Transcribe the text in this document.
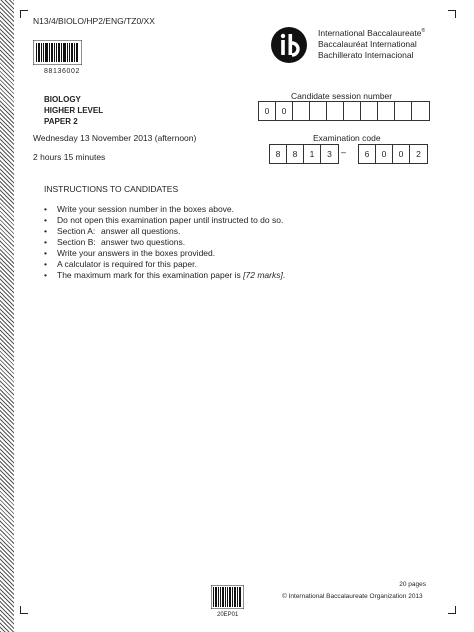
N13/4/BIOLO/HP2/ENG/TZ0/XX
88136002
International Baccalaureate®
Baccalauréat International
Bachillerato Internacional
BIOLOGY
HIGHER LEVEL
PAPER 2
Candidate session number
0	0
Wednesday 13 November 2013 (afternoon)
2 hours 15 minutes
Examination code
8	8	1	3	–	6	0	0	2
INSTRUCTIONS TO CANDIDATES
•	Write your session number in the boxes above.
•	Do not open this examination paper until instructed to do so.
•	Section A: answer all questions.
•	Section B: answer two questions.
•	Write your answers in the boxes provided.
•	A calculator is required for this paper.
•	The maximum mark for this examination paper is
[72 marks] .
20EP01
20 pages
© International Baccalaureate Organization 2013
